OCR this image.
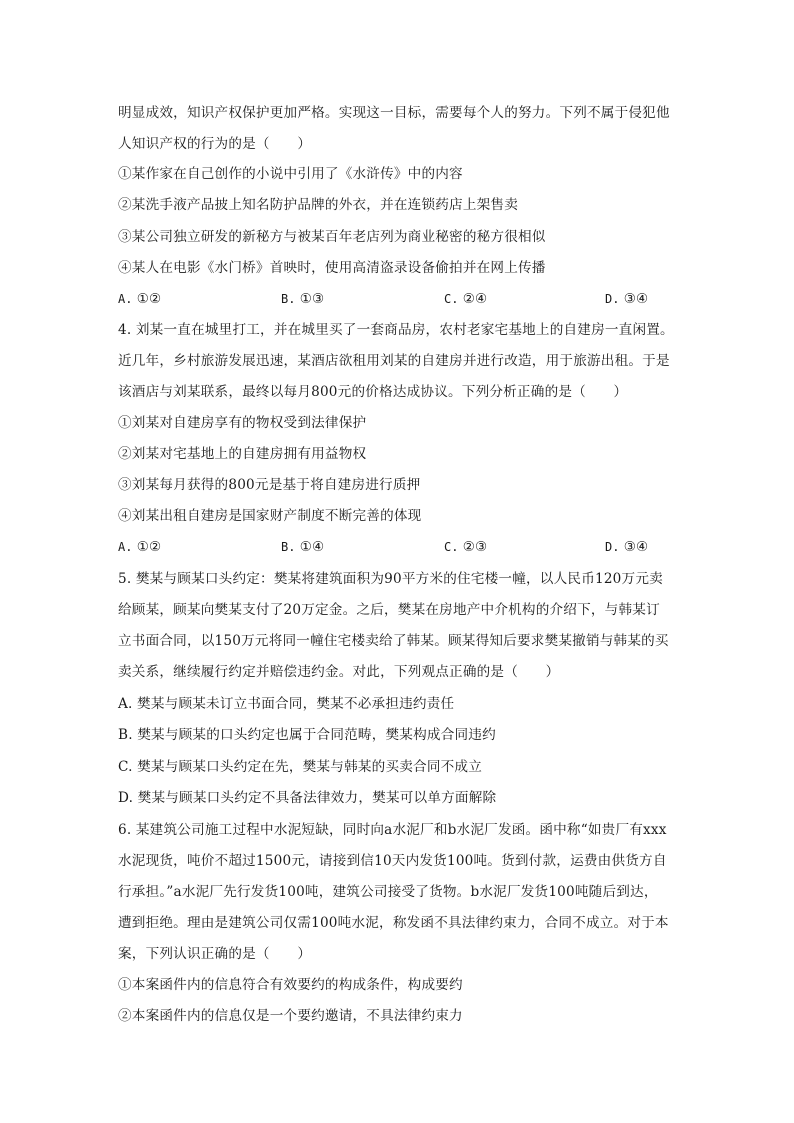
明显成效，知识产权保护更加严格。实现这一目标，需要每个人的努力。下列不属于侵犯他
人知识产权的行为的是（　　）
①某作家在自己创作的小说中引用了《水浒传》中的内容
②某洗手液产品披上知名防护品牌的外衣，并在连锁药店上架售卖
③某公司独立研发的新秘方与被某百年老店列为商业秘密的秘方很相似
④某人在电影《水门桥》首映时，使用高清盗录设备偷拍并在网上传播
A. ①②	B. ①③	C. ②④	D. ③④
4. 刘某一直在城里打工，并在城里买了一套商品房，农村老家宅基地上的自建房一直闲置。
近几年，乡村旅游发展迅速，某酒店欲租用刘某的自建房并进行改造，用于旅游出租。于是
该酒店与刘某联系，最终以每月800元的价格达成协议。下列分析正确的是（　　）
①刘某对自建房享有的物权受到法律保护
②刘某对宅基地上的自建房拥有用益物权
③刘某每月获得的800元是基于将自建房进行质押
④刘某出租自建房是国家财产制度不断完善的体现
A. ①②	B. ①④	C. ②③	D. ③④
5. 樊某与顾某口头约定：樊某将建筑面积为90平方米的住宅楼一幢，以人民币120万元卖
给顾某，顾某向樊某支付了20万定金。之后，樊某在房地产中介机构的介绍下，与韩某订
立书面合同，以150万元将同一幢住宅楼卖给了韩某。顾某得知后要求樊某撤销与韩某的买
卖关系，继续履行约定并赔偿违约金。对此，下列观点正确的是（　　）
A. 樊某与顾某未订立书面合同，樊某不必承担违约责任
B. 樊某与顾某的口头约定也属于合同范畴，樊某构成合同违约
C. 樊某与顾某口头约定在先，樊某与韩某的买卖合同不成立
D. 樊某与顾某口头约定不具备法律效力，樊某可以单方面解除
6. 某建筑公司施工过程中水泥短缺，同时向a水泥厂和b水泥厂发函。函中称“如贵厂有xxx
水泥现货，吨价不超过1500元，请接到信10天内发货100吨。货到付款，运费由供货方自
行承担。”a水泥厂先行发货100吨，建筑公司接受了货物。b水泥厂发货100吨随后到达，
遭到拒绝。理由是建筑公司仅需100吨水泥，称发函不具法律约束力，合同不成立。对于本
案，下列认识正确的是（　　）
①本案函件内的信息符合有效要约的构成条件，构成要约
②本案函件内的信息仅是一个要约邀请，不具法律约束力
